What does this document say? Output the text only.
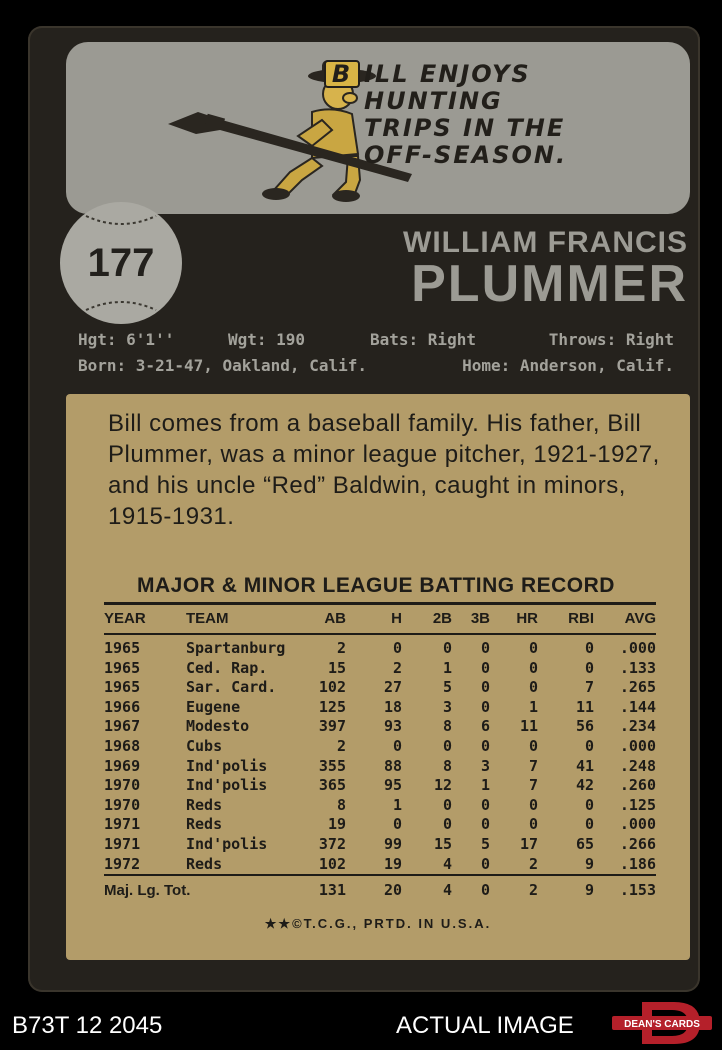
B ILL ENJOYS
HUNTING
TRIPS IN THE
OFF-SEASON.
177	WILLIAM FRANCIS
PLUMMER
Hgt: 6'1''	Wgt: 190	Bats: Right	Throws: Right
Born: 3-21-47, Oakland, Calif.	Home: Anderson, Calif.
Bill comes from a baseball family. His father, Bill Plummer, was a minor league pitcher, 1921-1927, and his uncle “Red” Baldwin, caught in minors, 1915-1931.
MAJOR & MINOR LEAGUE BATTING RECORD
YEAR	TEAM	AB	H	2B	3B	HR	RBI	AVG
1965	Spartanburg	2	0	0	0	0	0	.000
1965	Ced. Rap.	15	2	1	0	0	0	.133
1965	Sar. Card.	102	27	5	0	0	7	.265
1966	Eugene	125	18	3	0	1	11	.144
1967	Modesto	397	93	8	6	11	56	.234
1968	Cubs	2	0	0	0	0	0	.000
1969	Ind'polis	355	88	8	3	7	41	.248
1970	Ind'polis	365	95	12	1	7	42	.260
1970	Reds	8	1	0	0	0	0	.125
1971	Reds	19	0	0	0	0	0	.000
1971	Ind'polis	372	99	15	5	17	65	.266
1972	Reds	102	19	4	0	2	9	.186
Maj. Lg. Tot.		131	20	4	0	2	9	.153
★★©T.C.G., PRTD. IN U.S.A.
B73T 12 2045	ACTUAL IMAGE	DEAN'S CARDS
